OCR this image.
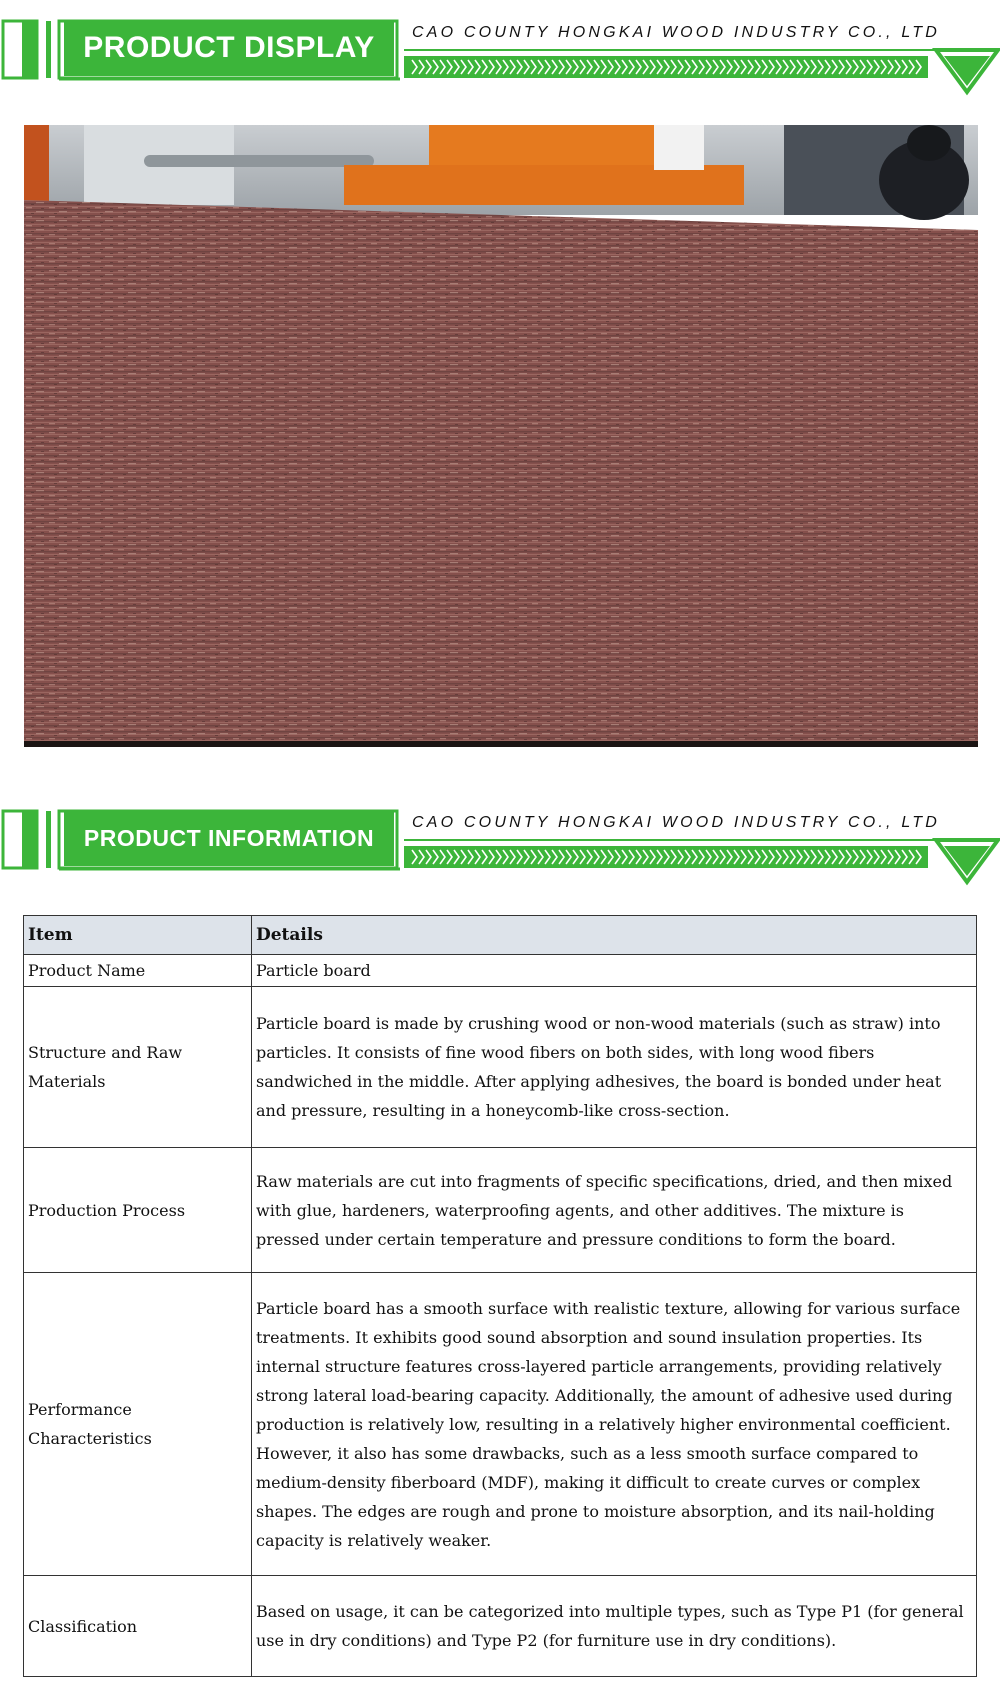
PRODUCT DISPLAY	CAO COUNTY HONGKAI WOOD INDUSTRY CO., LTD
PRODUCT INFORMATION
CAO COUNTY HONGKAI WOOD INDUSTRY CO., LTD
Item	Details
Product Name	Particle board
Structure and Raw Materials	Particle board is made by crushing wood or non-wood materials (such as straw) into particles. It consists of fine wood fibers on both sides, with long wood fibers sandwiched in the middle. After applying adhesives, the board is bonded under heat and pressure, resulting in a honeycomb-like cross-section.
Production Process	Raw materials are cut into fragments of specific specifications, dried, and then mixed with glue, hardeners, waterproofing agents, and other additives. The mixture is pressed under certain temperature and pressure conditions to form the board.
Performance Characteristics	Particle board has a smooth surface with realistic texture, allowing for various surface treatments. It exhibits good sound absorption and sound insulation properties. Its internal structure features cross-layered particle arrangements, providing relatively strong lateral load-bearing capacity. Additionally, the amount of adhesive used during production is relatively low, resulting in a relatively higher environmental coefficient. However, it also has some drawbacks, such as a less smooth surface compared to medium-density fiberboard (MDF), making it difficult to create curves or complex shapes. The edges are rough and prone to moisture absorption, and its nail-holding capacity is relatively weaker.
Classification	Based on usage, it can be categorized into multiple types, such as Type P1 (for general use in dry conditions) and Type P2 (for furniture use in dry conditions).
